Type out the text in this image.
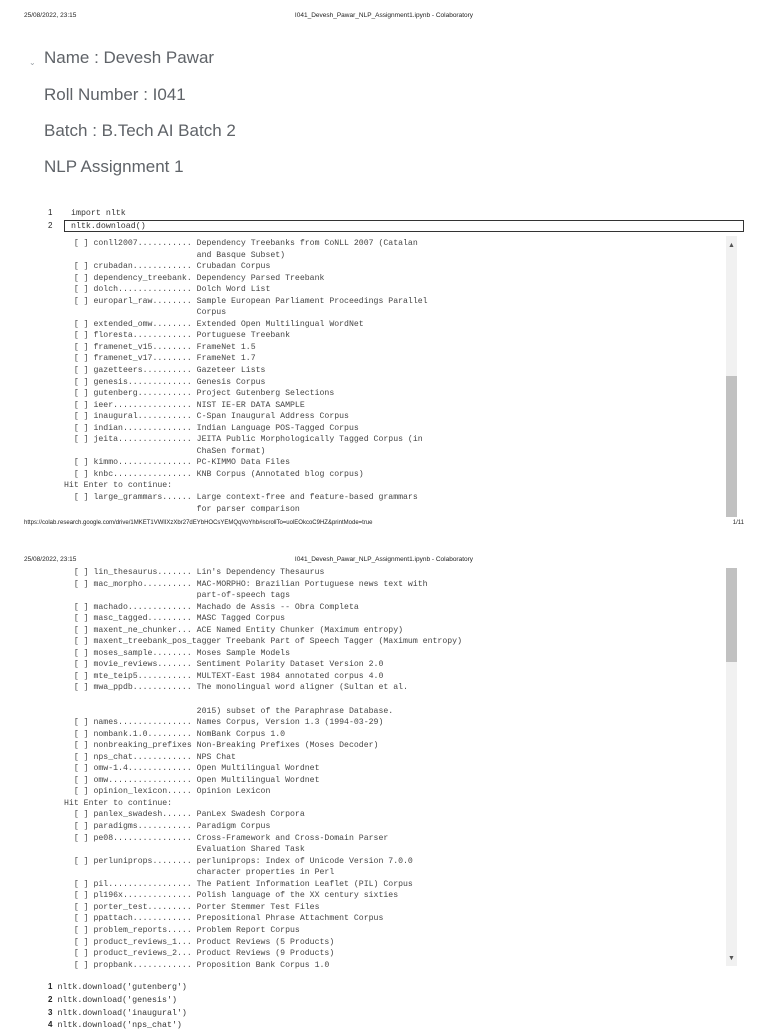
25/08/2022, 23:15	I041_Devesh_Pawar_NLP_Assignment1.ipynb - Colaboratory
⌄ Name : Devesh Pawar
Roll Number : I041
Batch : B.Tech AI Batch 2
NLP Assignment 1
1 import nltk
2 nltk.download()
▲
[ ] conll2007........... Dependency Treebanks from CoNLL 2007 (Catalan
and Basque Subset)
[ ] crubadan............ Crubadan Corpus
[ ] dependency_treebank. Dependency Parsed Treebank
[ ] dolch............... Dolch Word List
[ ] europarl_raw........ Sample European Parliament Proceedings Parallel
Corpus
[ ] extended_omw........ Extended Open Multilingual WordNet
[ ] floresta............ Portuguese Treebank
[ ] framenet_v15........ FrameNet 1.5
[ ] framenet_v17........ FrameNet 1.7
[ ] gazetteers.......... Gazeteer Lists
[ ] genesis............. Genesis Corpus
[ ] gutenberg........... Project Gutenberg Selections
[ ] ieer................ NIST IE-ER DATA SAMPLE
[ ] inaugural........... C-Span Inaugural Address Corpus
[ ] indian.............. Indian Language POS-Tagged Corpus
[ ] jeita............... JEITA Public Morphologically Tagged Corpus (in
ChaSen format)
[ ] kimmo............... PC-KIMMO Data Files
[ ] knbc................ KNB Corpus (Annotated blog corpus)
Hit Enter to continue:
[ ] large_grammars...... Large context-free and feature-based grammars
for parser comparison
https://colab.research.google.com/drive/1MKET1VWlIXzXbr27dEYbHOCsYEMQqVoYhb#scrollTo=uolEOkcoC9HZ&printMode=true	1/11
25/08/2022, 23:15	I041_Devesh_Pawar_NLP_Assignment1.ipynb - Colaboratory
▼
[ ] lin_thesaurus....... Lin's Dependency Thesaurus
[ ] mac_morpho.......... MAC-MORPHO: Brazilian Portuguese news text with
part-of-speech tags
[ ] machado............. Machado de Assis -- Obra Completa
[ ] masc_tagged......... MASC Tagged Corpus
[ ] maxent_ne_chunker... ACE Named Entity Chunker (Maximum entropy)
[ ] maxent_treebank_pos_tagger Treebank Part of Speech Tagger (Maximum entropy)
[ ] moses_sample........ Moses Sample Models
[ ] movie_reviews....... Sentiment Polarity Dataset Version 2.0
[ ] mte_teip5........... MULTEXT-East 1984 annotated corpus 4.0
[ ] mwa_ppdb............ The monolingual word aligner (Sultan et al.
2015) subset of the Paraphrase Database.
[ ] names............... Names Corpus, Version 1.3 (1994-03-29)
[ ] nombank.1.0......... NomBank Corpus 1.0
[ ] nonbreaking_prefixes Non-Breaking Prefixes (Moses Decoder)
[ ] nps_chat............ NPS Chat
[ ] omw-1.4............. Open Multilingual Wordnet
[ ] omw................. Open Multilingual Wordnet
[ ] opinion_lexicon..... Opinion Lexicon
Hit Enter to continue:
[ ] panlex_swadesh...... PanLex Swadesh Corpora
[ ] paradigms........... Paradigm Corpus
[ ] pe08................ Cross-Framework and Cross-Domain Parser
Evaluation Shared Task
[ ] perluniprops........ perluniprops: Index of Unicode Version 7.0.0
character properties in Perl
[ ] pil................. The Patient Information Leaflet (PIL) Corpus
[ ] pl196x.............. Polish language of the XX century sixties
[ ] porter_test......... Porter Stemmer Test Files
[ ] ppattach............ Prepositional Phrase Attachment Corpus
[ ] problem_reports..... Problem Report Corpus
[ ] product_reviews_1... Product Reviews (5 Products)
[ ] product_reviews_2... Product Reviews (9 Products)
[ ] propbank............ Proposition Bank Corpus 1.0
1 nltk.download('gutenberg')
2 nltk.download('genesis')
3 nltk.download('inaugural')
4 nltk.download('nps_chat')
